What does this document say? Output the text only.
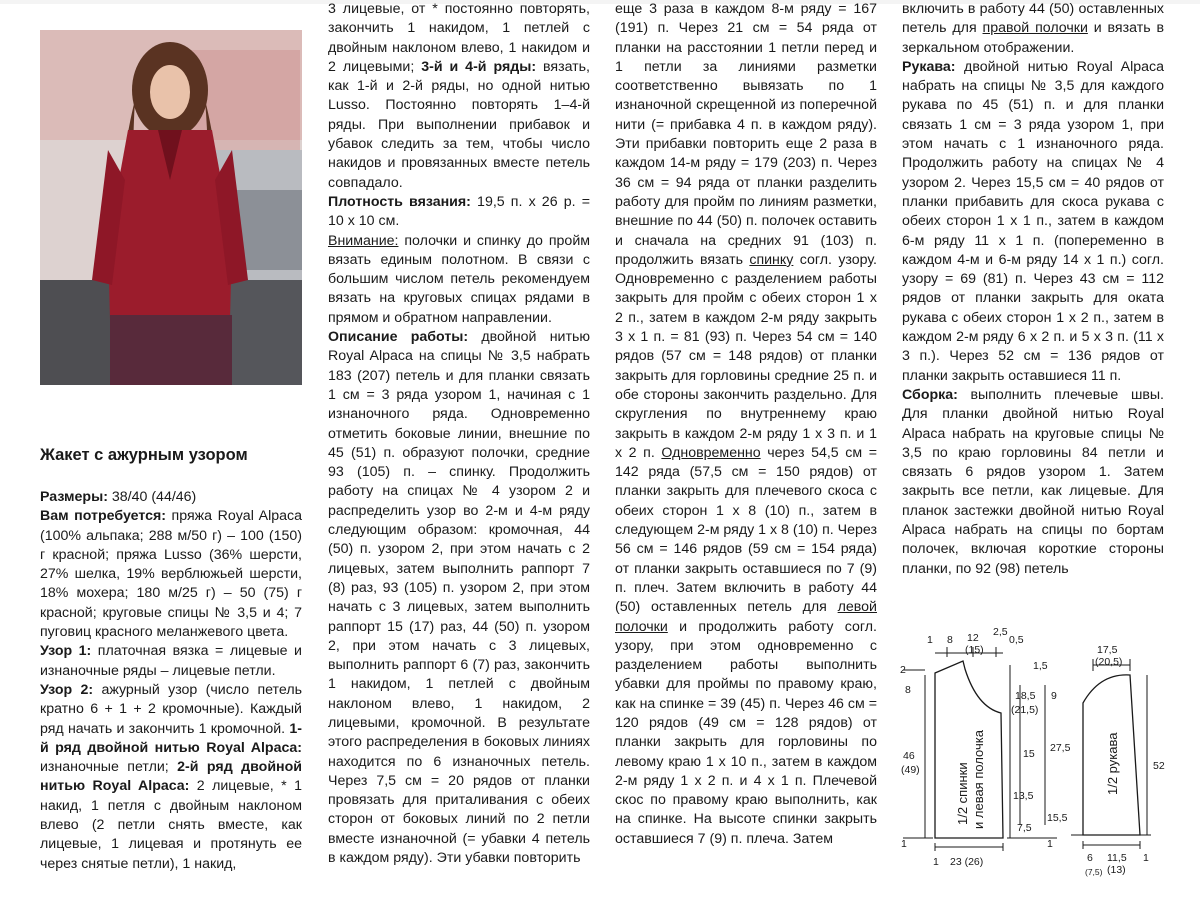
Жакет с ажурным узором

Размеры: 38/40 (44/46)

Вам потребуется: пряжа Royal Alpaca (100% альпака; 288 м/50 г) – 100 (150) г красной; пряжа Lusso (36% шерсти, 27% шелка, 19% верблюжьей шерсти, 18% мохера; 180 м/25 г) – 50 (75) г красной; круговые спицы № 3,5 и 4; 7 пуговиц красного меланжевого цвета.

Узор 1: платочная вязка = лицевые и изнаночные ряды – лицевые петли.

Узор 2: ажурный узор (число петель кратно 6 + 1 + 2 кромочные). Каждый ряд начать и закончить 1 кромочной. 1-й ряд двойной нитью Royal Alpaca: изнаночные петли; 2-й ряд двойной нитью Royal Alpaca: 2 лицевые, * 1 накид, 1 петля с двойным наклоном влево (2 петли снять вместе, как лицевые, 1 лицевая и протянуть ее через снятые петли), 1 накид,

3 лицевые, от * постоянно повторять, закончить 1 накидом, 1 петлей с двойным наклоном влево, 1 накидом и 2 лицевыми; 3-й и 4-й ряды: вязать, как 1-й и 2-й ряды, но одной нитью Lusso. Постоянно повторять 1–4-й ряды. При выполнении прибавок и убавок следить за тем, чтобы число накидов и провязанных вместе петель совпадало.

Плотность вязания: 19,5 п. х 26 р. = 10 х 10 см.

Внимание: полочки и спинку до пройм вязать единым полотном. В связи с большим числом петель рекомендуем вязать на круговых спицах рядами в прямом и обратном направлении.

Описание работы: двойной нитью Royal Alpaca на спицы № 3,5 набрать 183 (207) петель и для планки связать 1 см = 3 ряда узором 1, начиная с 1 изнаночного ряда. Одновременно отметить боковые линии, внешние по 45 (51) п. образуют полочки, средние 93 (105) п. – спинку. Продолжить работу на спицах № 4 узором 2 и распределить узор во 2-м и 4-м ряду следующим образом: кромочная, 44 (50) п. узором 2, при этом начать с 2 лицевых, затем выполнить раппорт 7 (8) раз, 93 (105) п. узором 2, при этом начать с 3 лицевых, затем выполнить раппорт 15 (17) раз, 44 (50) п. узором 2, при этом начать с 3 лицевых, выполнить раппорт 6 (7) раз, закончить 1 накидом, 1 петлей с двойным наклоном влево, 1 накидом, 2 лицевыми, кромочной. В результате этого распределения в боковых линиях находится по 6 изнаночных петель. Через 7,5 см = 20 рядов от планки провязать для приталивания с обеих сторон от боковых линий по 2 петли вместе изнаночной (= убавки 4 петель в каждом ряду). Эти убавки повторить

еще 3 раза в каждом 8-м ряду = 167 (191) п. Через 21 см = 54 ряда от планки на расстоянии 1 петли перед и 1 петли за линиями разметки соответственно вывязать по 1 изнаночной скрещенной из поперечной нити (= прибавка 4 п. в каждом ряду). Эти прибавки повторить еще 2 раза в каждом 14-м ряду = 179 (203) п. Через 36 см = 94 ряда от планки разделить работу для пройм по линиям разметки, внешние по 44 (50) п. полочек оставить и сначала на средних 91 (103) п. продолжить вязать спинку согл. узору. Одновременно с разделением работы закрыть для пройм с обеих сторон 1 х 2 п., затем в каждом 2-м ряду закрыть 3 х 1 п. = 81 (93) п. Через 54 см = 140 рядов (57 см = 148 рядов) от планки закрыть для горловины средние 25 п. и обе стороны закончить раздельно. Для скругления по внутреннему краю закрыть в каждом 2-м ряду 1 х 3 п. и 1 х 2 п. Одновременно через 54,5 см = 142 ряда (57,5 см = 150 рядов) от планки закрыть для плечевого скоса с обеих сторон 1 х 8 (10) п., затем в следующем 2-м ряду 1 х 8 (10) п. Через 56 см = 146 рядов (59 см = 154 ряда) от планки закрыть оставшиеся по 7 (9) п. плеч. Затем включить в работу 44 (50) оставленных петель для левой полочки и продолжить работу согл. узору, при этом одновременно с разделением работы выполнить убавки для проймы по правому краю, как на спинке = 39 (45) п. Через 46 см = 120 рядов (49 см = 128 рядов) от планки закрыть для горловины по левому краю 1 х 10 п., затем в каждом 2-м ряду 1 х 2 п. и 4 х 1 п. Плечевой скос по правому краю выполнить, как на спинке. На высоте спинки закрыть оставшиеся 7 (9) п. плеча. Затем

включить в работу 44 (50) оставленных петель для правой полочки и вязать в зеркальном отображении.

Рукава: двойной нитью Royal Alpaca набрать на спицы № 3,5 для каждого рукава по 45 (51) п. и для планки связать 1 см = 3 ряда узором 1, при этом начать с 1 изнаночного ряда. Продолжить работу на спицах № 4 узором 2. Через 15,5 см = 40 рядов от планки прибавить для скоса рукава с обеих сторон 1 х 1 п., затем в каждом 6-м ряду 11 х 1 п. (попеременно в каждом 4-м и 6-м ряду 14 х 1 п.) согл. узору = 69 (81) п. Через 43 см = 112 рядов от планки закрыть для оката рукава с обеих сторон 1 х 2 п., затем в каждом 2-м ряду 6 х 2 п. и 5 х 3 п. (11 х 3 п.). Через 52 см = 136 рядов от планки закрыть оставшиеся 11 п.

Сборка: выполнить плечевые швы. Для планки двойной нитью Royal Alpaca набрать на круговые спицы № 3,5 по краю горловины 84 петли и связать 6 рядов узором 1. Затем закрыть все петли, как лицевые. Для планок застежки двойной нитью Royal Alpaca набрать на спицы по бортам полочек, включая короткие стороны планки, по 92 (98) петель

1 8 12
(15)
2,5
0,5
2
8
1,5
18,5
(21,5)
9
46
(49)
15 27,5
13,5
7,5
15,5
1
1 23 (26)
1
17,5
(20,5)
52
6
(7,5)
11,5
(13)
1
1/2 спинки и левая полочка	1/2 рукава
